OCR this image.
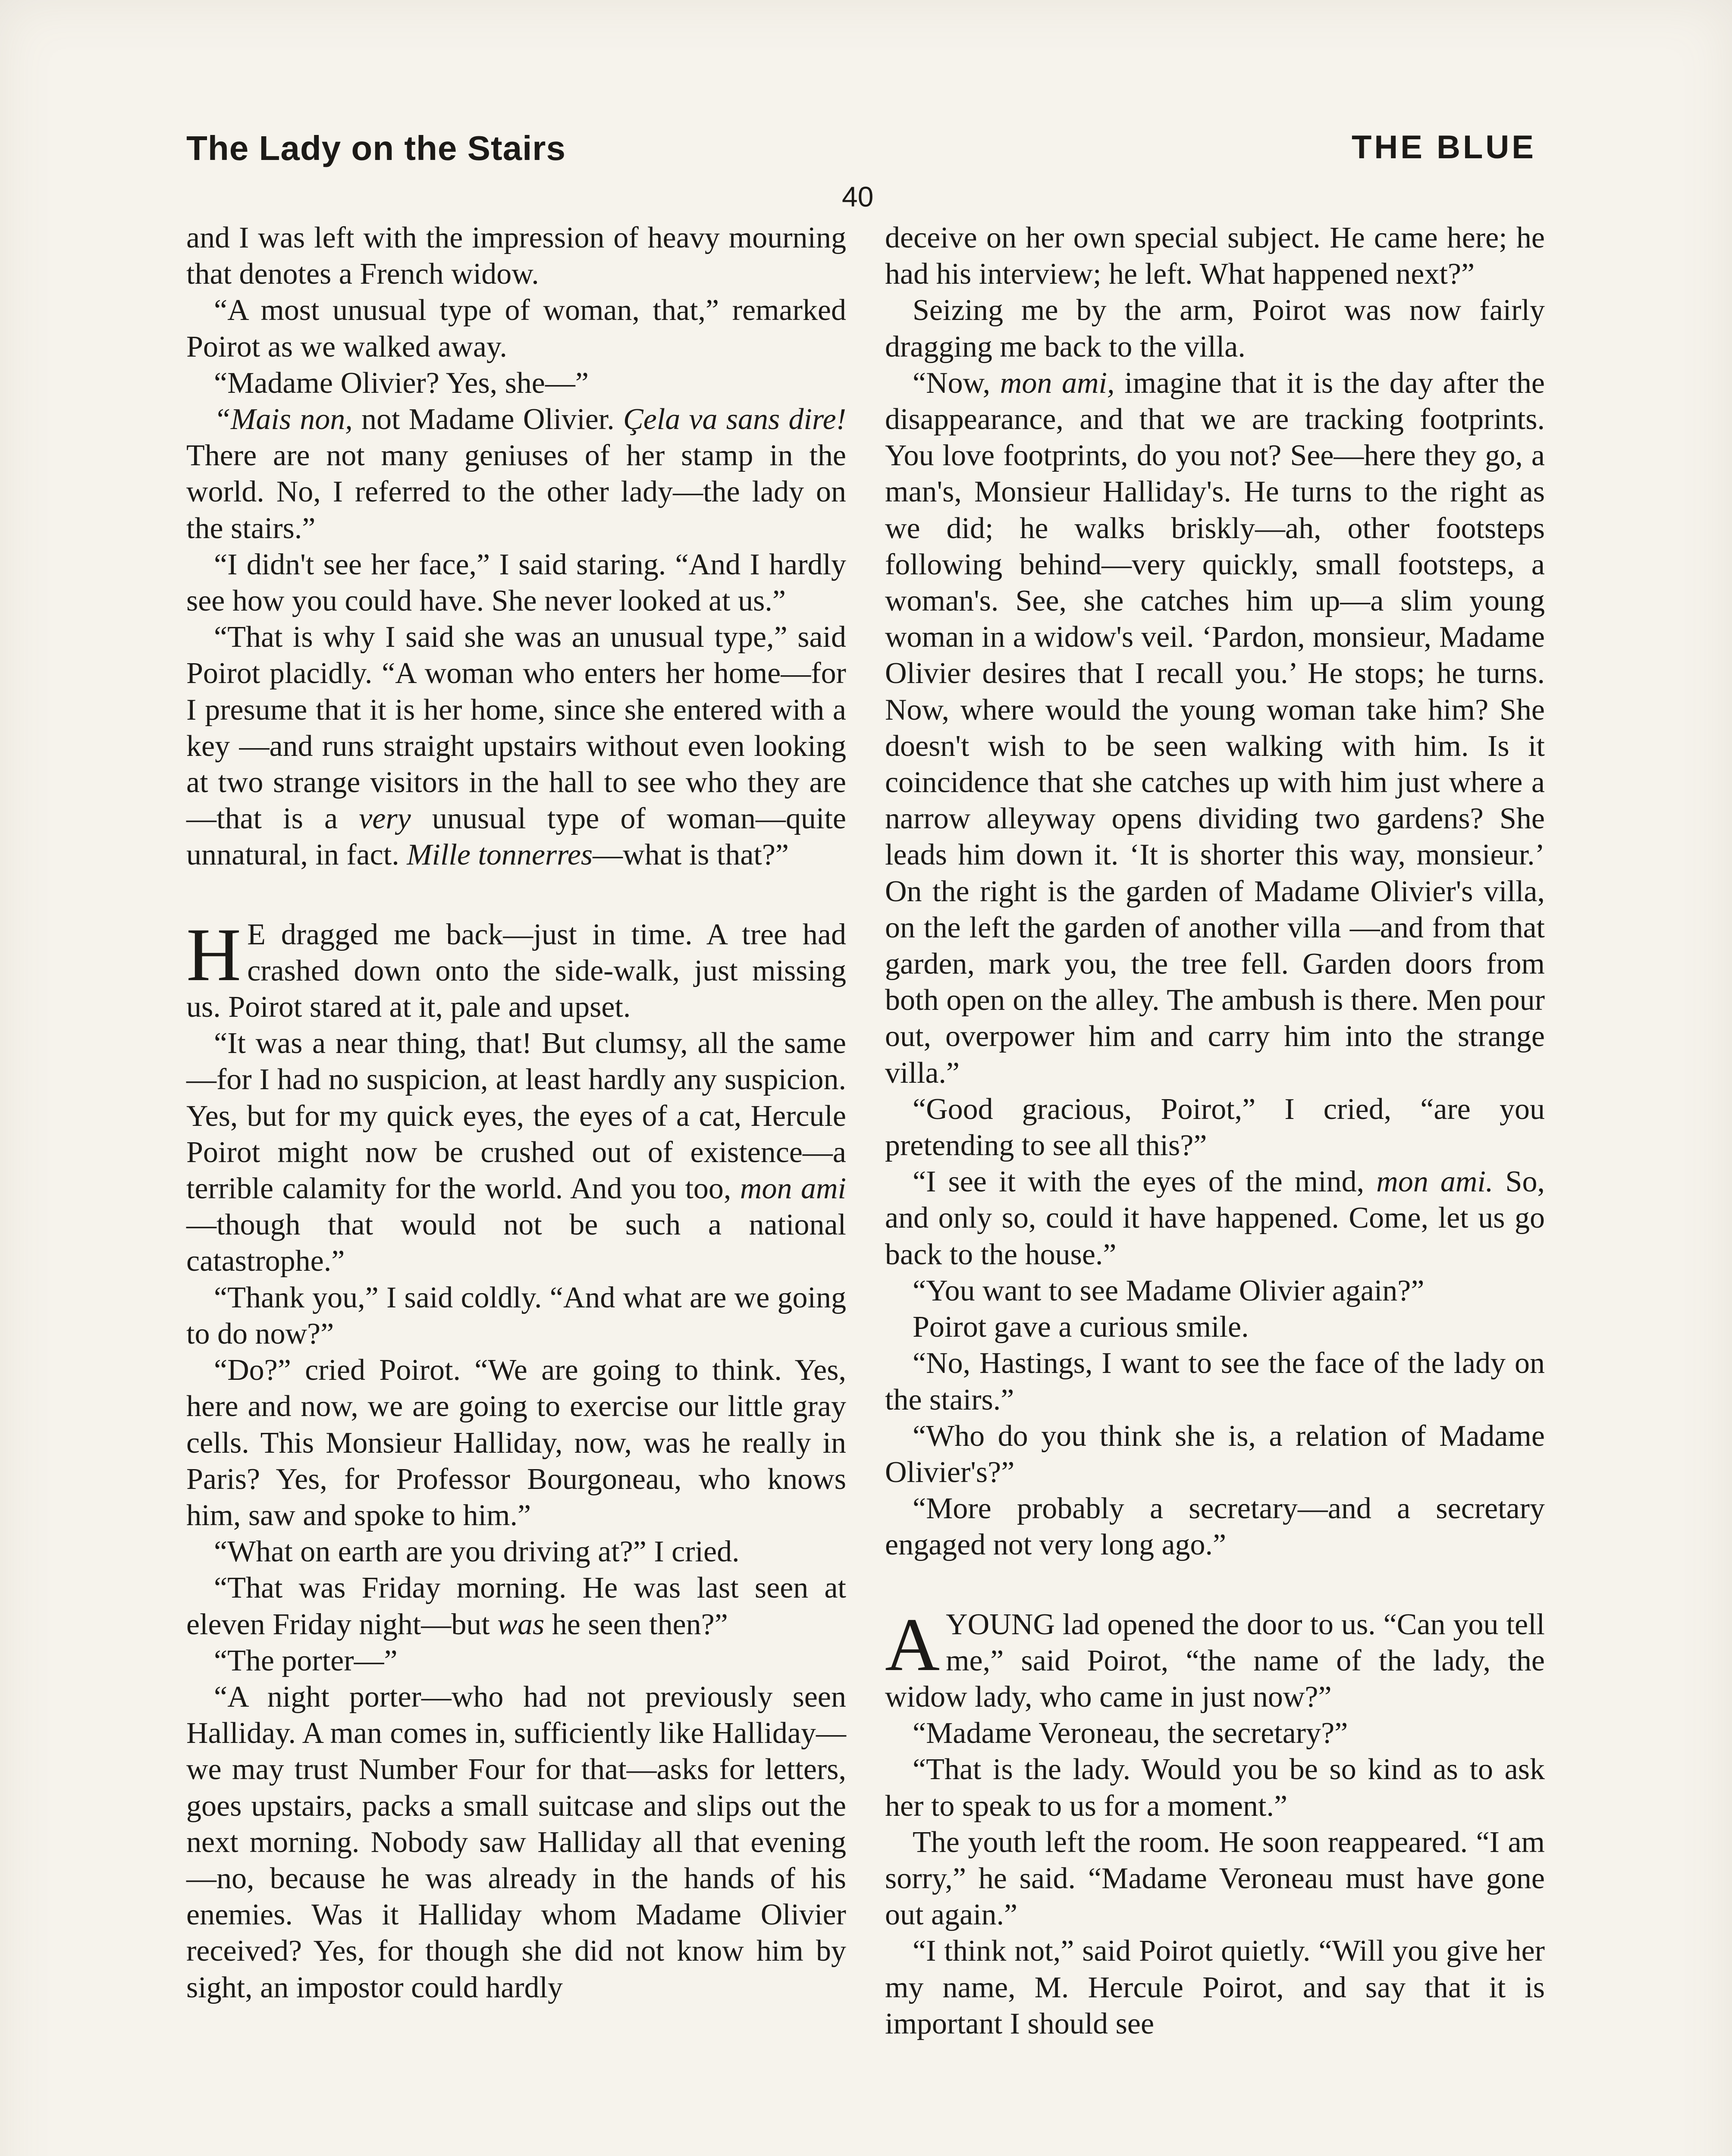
The Lady on the Stairs	THE BLUE
40

and I was left with the impression of heavy mourning that denotes a French widow.

“A most unusual type of woman, that,” remarked Poirot as we walked away.

“Madame Olivier? Yes, she—”

“Mais non, not Madame Olivier. Çela va sans dire! There are not many geniuses of her stamp in the world. No, I referred to the other lady—the lady on the stairs.”

“I didn't see her face,” I said staring. “And I hardly see how you could have. She never looked at us.”

“That is why I said she was an unusual type,” said Poirot placidly. “A woman who enters her home—for I presume that it is her home, since she entered with a key —and runs straight upstairs without even looking at two strange visitors in the hall to see who they are—that is a very unusual type of woman—quite unnatural, in fact. Mille tonnerres—what is that?”

H E dragged me back—just in time. A tree had crashed down onto the side-walk, just missing us. Poirot stared at it, pale and upset.

“It was a near thing, that! But clumsy, all the same—for I had no suspicion, at least hardly any suspicion. Yes, but for my quick eyes, the eyes of a cat, Hercule Poirot might now be crushed out of existence—a terrible calamity for the world. And you too, mon ami—though that would not be such a national catastrophe.”

“Thank you,” I said coldly. “And what are we going to do now?”

“Do?” cried Poirot. “We are going to think. Yes, here and now, we are going to exercise our little gray cells. This Monsieur Halliday, now, was he really in Paris? Yes, for Professor Bourgoneau, who knows him, saw and spoke to him.”

“What on earth are you driving at?” I cried.

“That was Friday morning. He was last seen at eleven Friday night—but was he seen then?”

“The porter—”

“A night porter—who had not previously seen Halliday. A man comes in, sufficiently like Halliday—we may trust Number Four for that—asks for letters, goes upstairs, packs a small suitcase and slips out the next morning. Nobody saw Halliday all that evening—no, because he was already in the hands of his enemies. Was it Halliday whom Madame Olivier received? Yes, for though she did not know him by sight, an impostor could hardly

deceive on her own special subject. He came here; he had his interview; he left. What happened next?”

Seizing me by the arm, Poirot was now fairly dragging me back to the villa.

“Now, mon ami, imagine that it is the day after the disappearance, and that we are tracking footprints. You love footprints, do you not? See—here they go, a man's, Monsieur Halliday's. He turns to the right as we did; he walks briskly—ah, other footsteps following behind—very quickly, small footsteps, a woman's. See, she catches him up—a slim young woman in a widow's veil. ‘Pardon, monsieur, Madame Olivier desires that I recall you.’ He stops; he turns. Now, where would the young woman take him? She doesn't wish to be seen walking with him. Is it coincidence that she catches up with him just where a narrow alleyway opens dividing two gardens? She leads him down it. ‘It is shorter this way, monsieur.’ On the right is the garden of Madame Olivier's villa, on the left the garden of another villa —and from that garden, mark you, the tree fell. Garden doors from both open on the alley. The ambush is there. Men pour out, overpower him and carry him into the strange villa.”

“Good gracious, Poirot,” I cried, “are you pretending to see all this?”

“I see it with the eyes of the mind, mon ami. So, and only so, could it have happened. Come, let us go back to the house.”

“You want to see Madame Olivier again?”

Poirot gave a curious smile.

“No, Hastings, I want to see the face of the lady on the stairs.”

“Who do you think she is, a relation of Madame Olivier's?”

“More probably a secretary—and a secretary engaged not very long ago.”

AYOUNG lad opened the door to us. “Can you tell me,” said Poirot, “the name of the lady, the widow lady, who came in just now?”

“Madame Veroneau, the secretary?”

“That is the lady. Would you be so kind as to ask her to speak to us for a moment.”

The youth left the room. He soon reappeared. “I am sorry,” he said. “Madame Veroneau must have gone out again.”

“I think not,” said Poirot quietly. “Will you give her my name, M. Hercule Poirot, and say that it is important I should see
